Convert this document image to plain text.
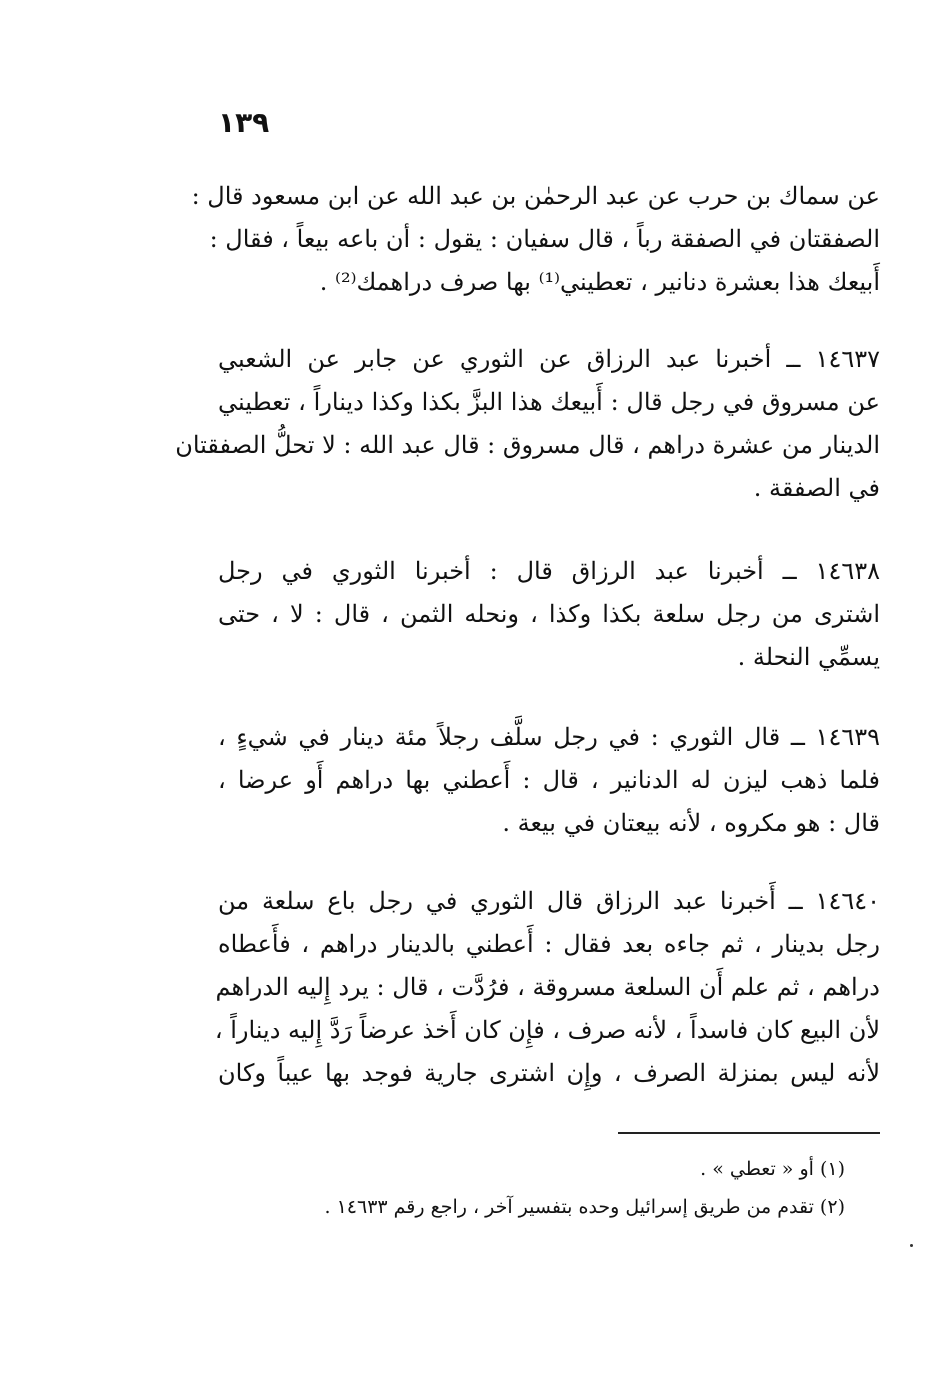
١٣٩
عن سماك بن حرب عن عبد الرحمٰن بن عبد الله عن ابن مسعود قال :
الصفقتان في الصفقة رباً ، قال سفيان : يقول : أن باعه بيعاً ، فقال :
أَبيعك هذا بعشرة دنانير ، تعطيني⁽¹⁾ بها صرف دراهمك⁽²⁾ .
١٤٦٣٧ ــ أخبرنا عبد الرزاق عن الثوري عن جابر عن الشعبي
عن مسروق في رجل قال : أَبيعك هذا البزَّ بكذا وكذا ديناراً ، تعطيني
الدينار من عشرة دراهم ، قال مسروق : قال عبد الله : لا تحلُّ الصفقتان
في الصفقة .
١٤٦٣٨ ــ أخبرنا عبد الرزاق قال : أخبرنا الثوري في رجل
اشترى من رجل سلعة بكذا وكذا ، ونحله الثمن ، قال : لا ، حتى
يسمِّي النحلة .
١٤٦٣٩ ــ قال الثوري : في رجل سلَّف رجلاً مئة دينار في شيءٍ ،
فلما ذهب ليزن له الدنانير ، قال : أَعطني بها دراهم أَو عرضا ،
قال : هو مكروه ، لأنه بيعتان في بيعة .
١٤٦٤٠ ــ أَخبرنا عبد الرزاق قال الثوري في رجل باع سلعة من
رجل بدينار ، ثم جاءه بعد فقال : أَعطني بالدينار دراهم ، فأَعطاه
دراهم ، ثم علم أَن السلعة مسروقة ، فرُدَّت ، قال : يرد إِليه الدراهم
لأن البيع كان فاسداً ، لأنه صرف ، فإِن كان أَخذ عرضاً رَدَّ إِليه ديناراً ،
لأنه ليس بمنزلة الصرف ، وإِن اشترى جارية فوجد بها عيباً وكان
(١) أو « تعطي » .
(٢) تقدم من طريق إسرائيل وحده بتفسير آخر ، راجع رقم ١٤٦٣٣ .
